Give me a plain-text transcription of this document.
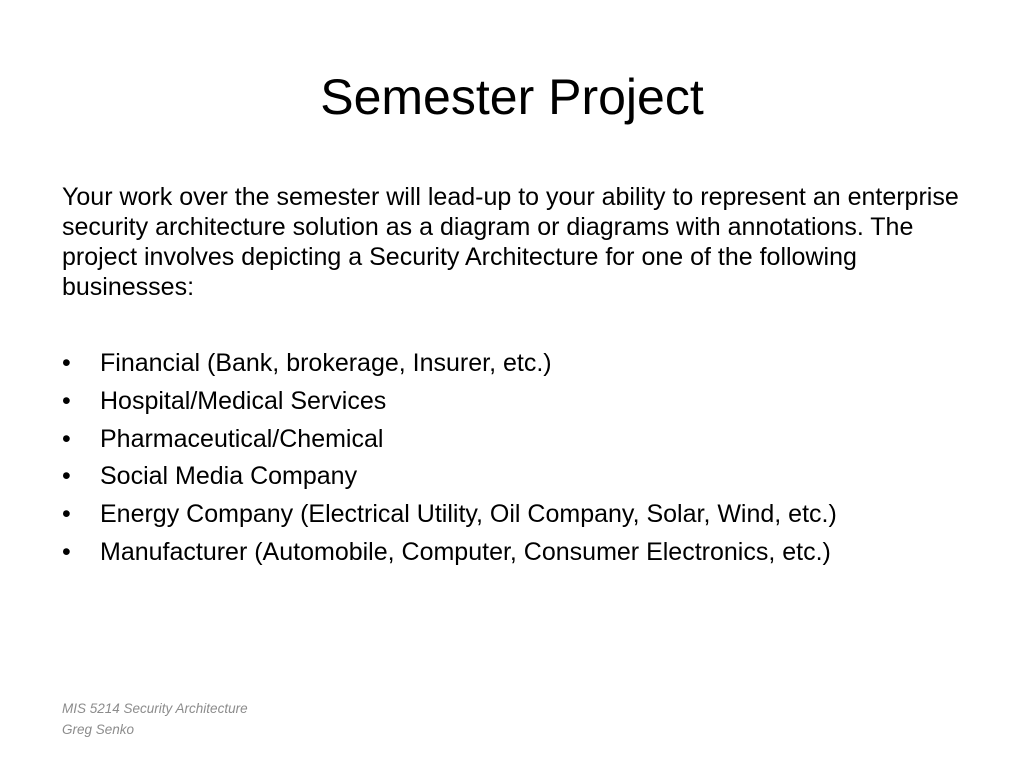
Semester Project

Your work over the semester will lead-up to your ability to represent an enterprise security architecture solution as a diagram or diagrams with annotations. The project involves depicting a Security Architecture for one of the following businesses:

•	Financial (Bank, brokerage, Insurer, etc.)
•	Hospital/Medical Services
•	Pharmaceutical/Chemical
•	Social Media Company
•	Energy Company (Electrical Utility, Oil Company, Solar, Wind, etc.)
•	Manufacturer (Automobile, Computer, Consumer Electronics, etc.)
MIS 5214 Security Architecture
Greg Senko
